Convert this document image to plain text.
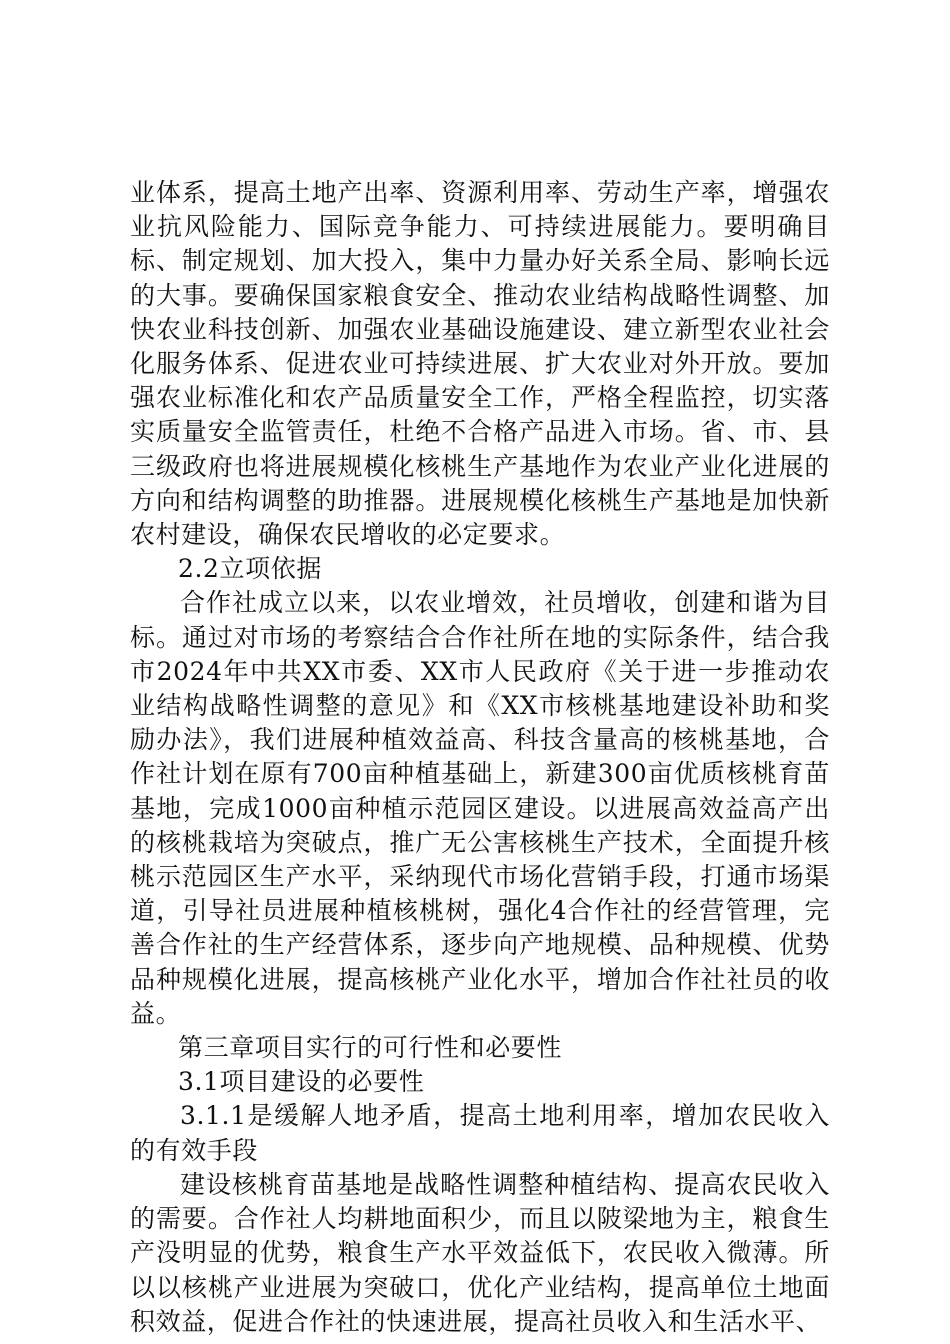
业体系，提高土地产出率、资源利用率、劳动生产率，增强农业抗风险能力、国际竞争能力、可持续进展能力。要明确目标、制定规划、加大投入，集中力量办好关系全局、影响长远的大事。要确保国家粮食安全、推动农业结构战略性调整、加快农业科技创新、加强农业基础设施建设、建立新型农业社会化服务体系、促进农业可持续进展、扩大农业对外开放。要加强农业标准化和农产品质量安全工作，严格全程监控，切实落实质量安全监管责任，杜绝不合格产品进入市场。省、市、县三级政府也将进展规模化核桃生产基地作为农业产业化进展的方向和结构调整的助推器。进展规模化核桃生产基地是加快新农村建设，确保农民增收的必定要求。

2.2立项依据

合作社成立以来，以农业增效，社员增收，创建和谐为目标。通过对市场的考察结合合作社所在地的实际条件，结合我市2024年中共XX市委、XX市人民政府《关于进一步推动农业结构战略性调整的意见》和《XX市核桃基地建设补助和奖励办法》，我们进展种植效益高、科技含量高的核桃基地，合作社计划在原有700亩种植基础上，新建300亩优质核桃育苗基地，完成1000亩种植示范园区建设。以进展高效益高产出的核桃栽培为突破点，推广无公害核桃生产技术，全面提升核桃示范园区生产水平，采纳现代市场化营销手段，打通市场渠道，引导社员进展种植核桃树，强化4合作社的经营管理，完善合作社的生产经营体系，逐步向产地规模、品种规模、优势品种规模化进展，提高核桃产业化水平，增加合作社社员的收益。

第三章项目实行的可行性和必要性

3.1项目建设的必要性

3.1.1是缓解人地矛盾，提高土地利用率，增加农民收入的有效手段

建设核桃育苗基地是战略性调整种植结构、提高农民收入的需要。合作社人均耕地面积少，而且以陂梁地为主，粮食生产没明显的优势，粮食生产水平效益低下，农民收入微薄。所以以核桃产业进展为突破口，优化产业结构，提高单位土地面积效益，促进合作社的快速进展，提高社员收入和生活水平、
